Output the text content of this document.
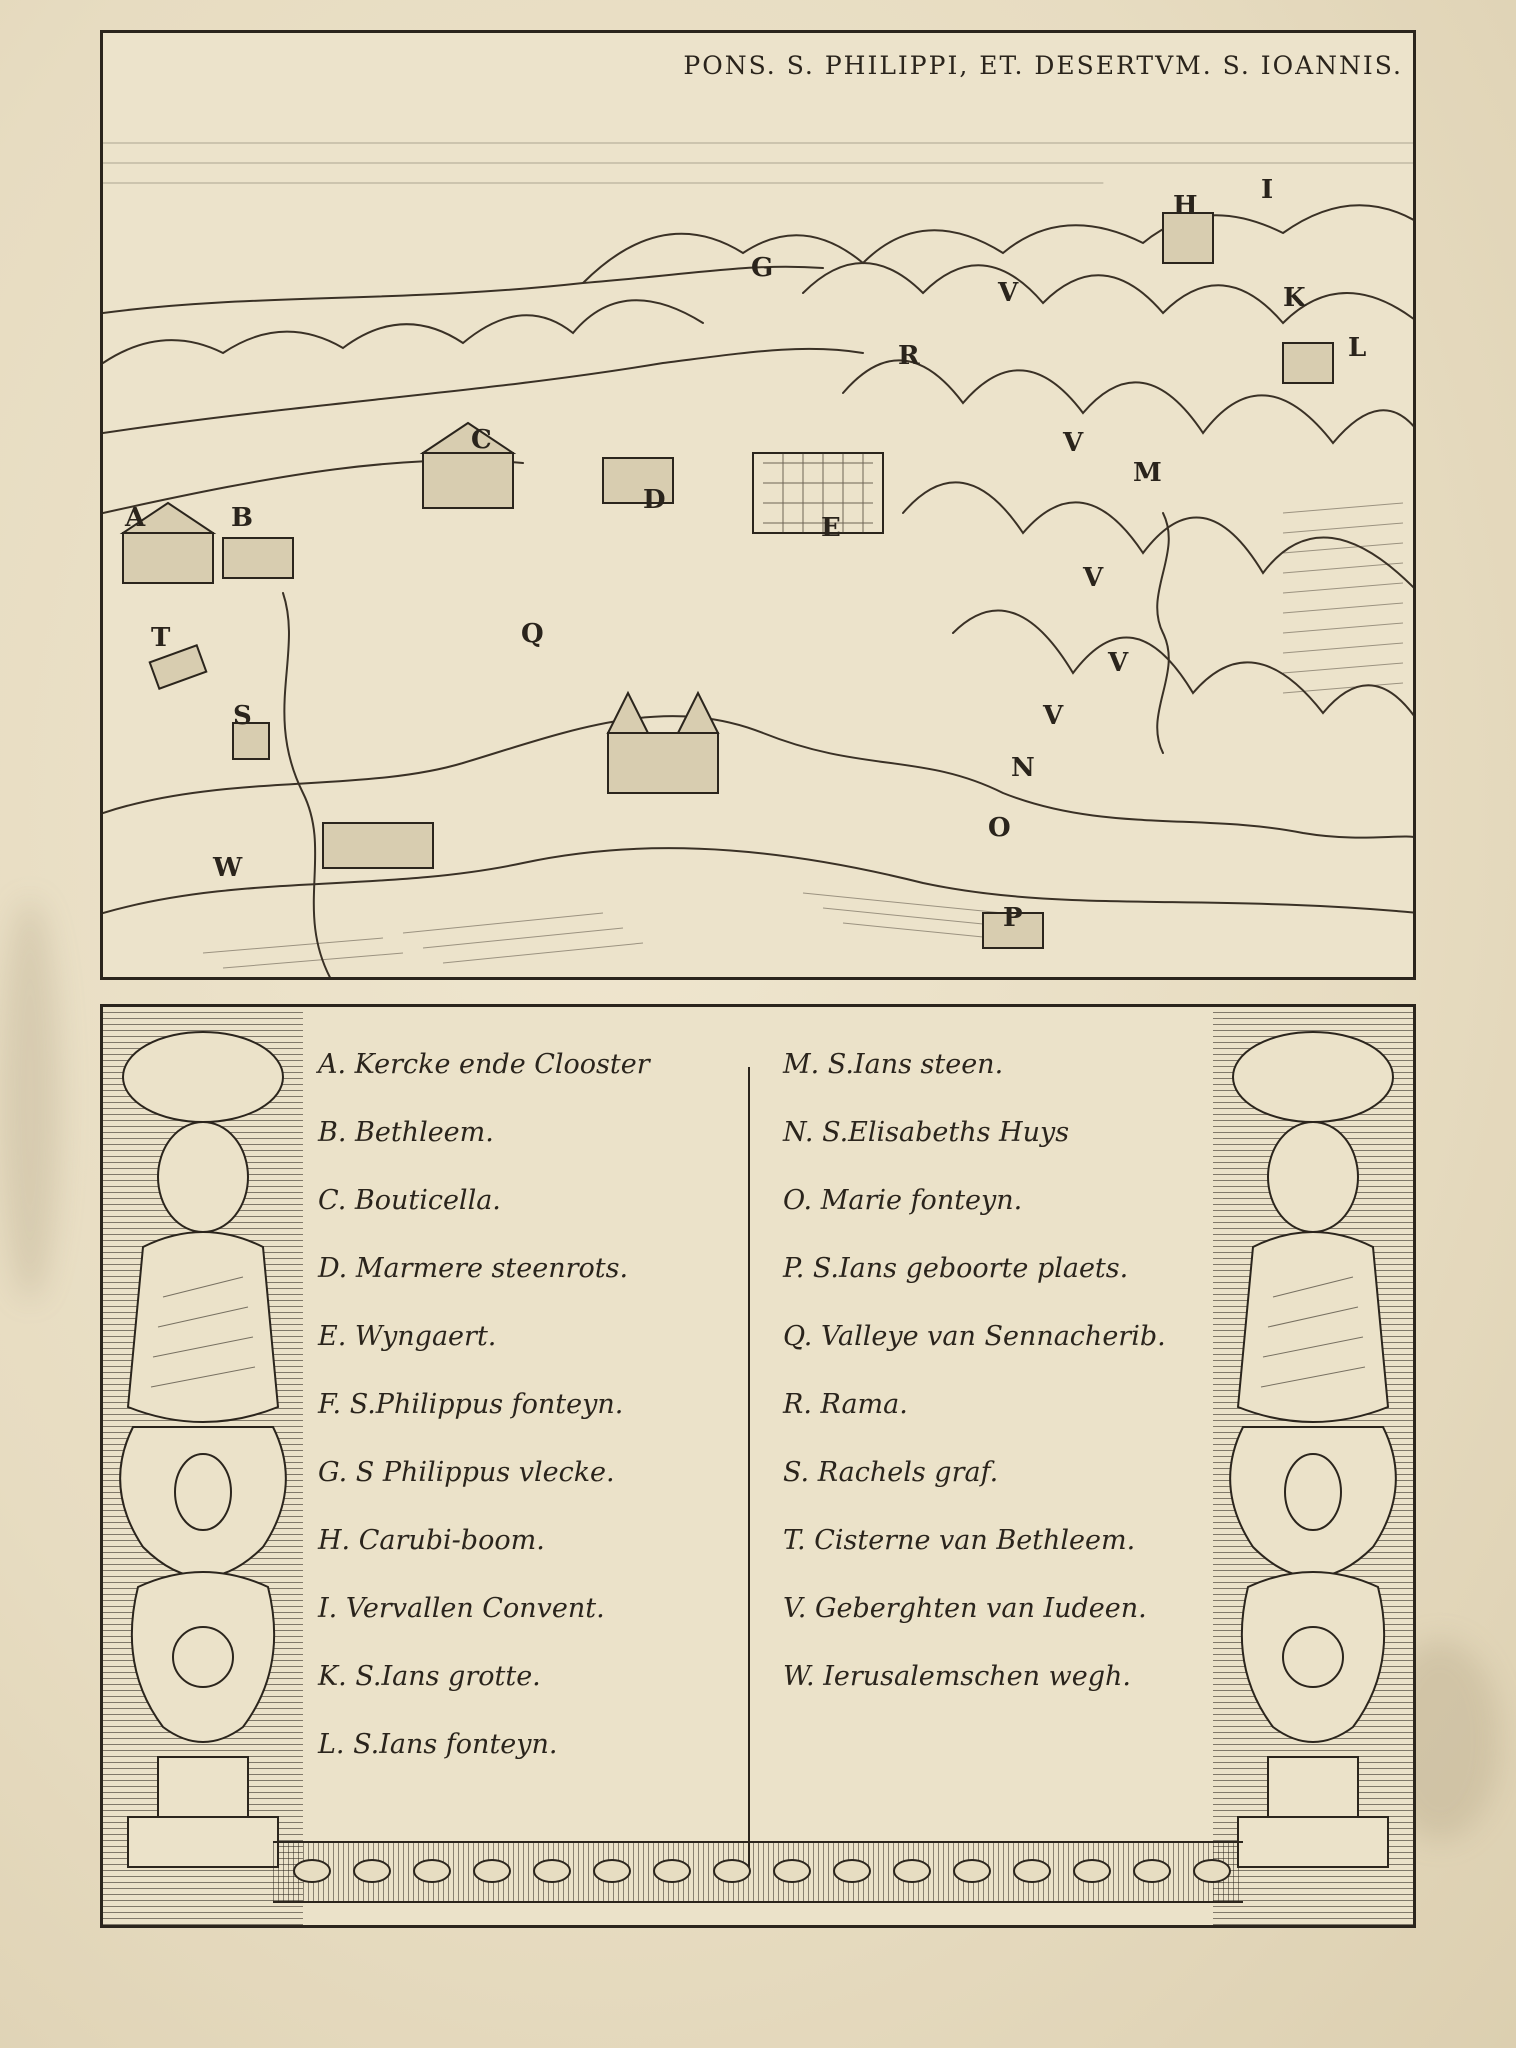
PONS. S. PHILIPPI, ET. DESERTVM. S. IOANNIS.
A	B
C
D
E
G
H
I
K
L
M
N
O
P
Q
R
S
T
V
V
V
V
V
W
A. Kercke ende Clooster
B. Bethleem.
C. Bouticella.
D. Marmere steenrots.
E. Wyngaert.
F. S.Philippus fonteyn.
G. S Philippus vlecke.
H. Carubi-boom.
I. Vervallen Convent.
K. S.Ians grotte.
L. S.Ians fonteyn.
M. S.Ians steen.
N. S.Elisabeths Huys
O. Marie fonteyn.
P. S.Ians geboorte plaets.
Q. Valleye van Sennacherib.
R. Rama.
S. Rachels graf.
T. Cisterne van Bethleem.
V. Geberghten van Iudeen.
W. Ierusalemschen wegh.
